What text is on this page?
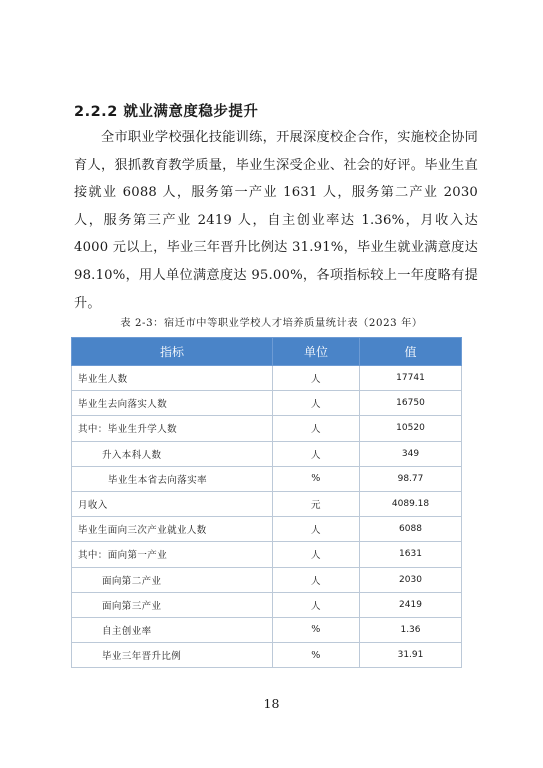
2.2.2 就业满意度稳步提升
全市职业学校强化技能训练，开展深度校企合作，实施校企协同育人，狠抓教育教学质量，毕业生深受企业、社会的好评。毕业生直接就业 6088 人，服务第一产业 1631 人，服务第二产业 2030 人，服务第三产业 2419 人，自主创业率达 1.36%，月收入达 4000 元以上，毕业三年晋升比例达 31.91%，毕业生就业满意度达 98.10%，用人单位满意度达 95.00%，各项指标较上一年度略有提升。
表 2-3：宿迁市中等职业学校人才培养质量统计表（2023 年）
指标	单位	值
毕业生人数	人	17741
毕业生去向落实人数	人	16750
其中：毕业生升学人数	人	10520
升入本科人数	人	349
毕业生本省去向落实率	%	98.77
月收入	元	4089.18
毕业生面向三次产业就业人数	人	6088
其中：面向第一产业	人	1631
面向第二产业	人	2030
面向第三产业	人	2419
自主创业率	%	1.36
毕业三年晋升比例	%	31.91
18
